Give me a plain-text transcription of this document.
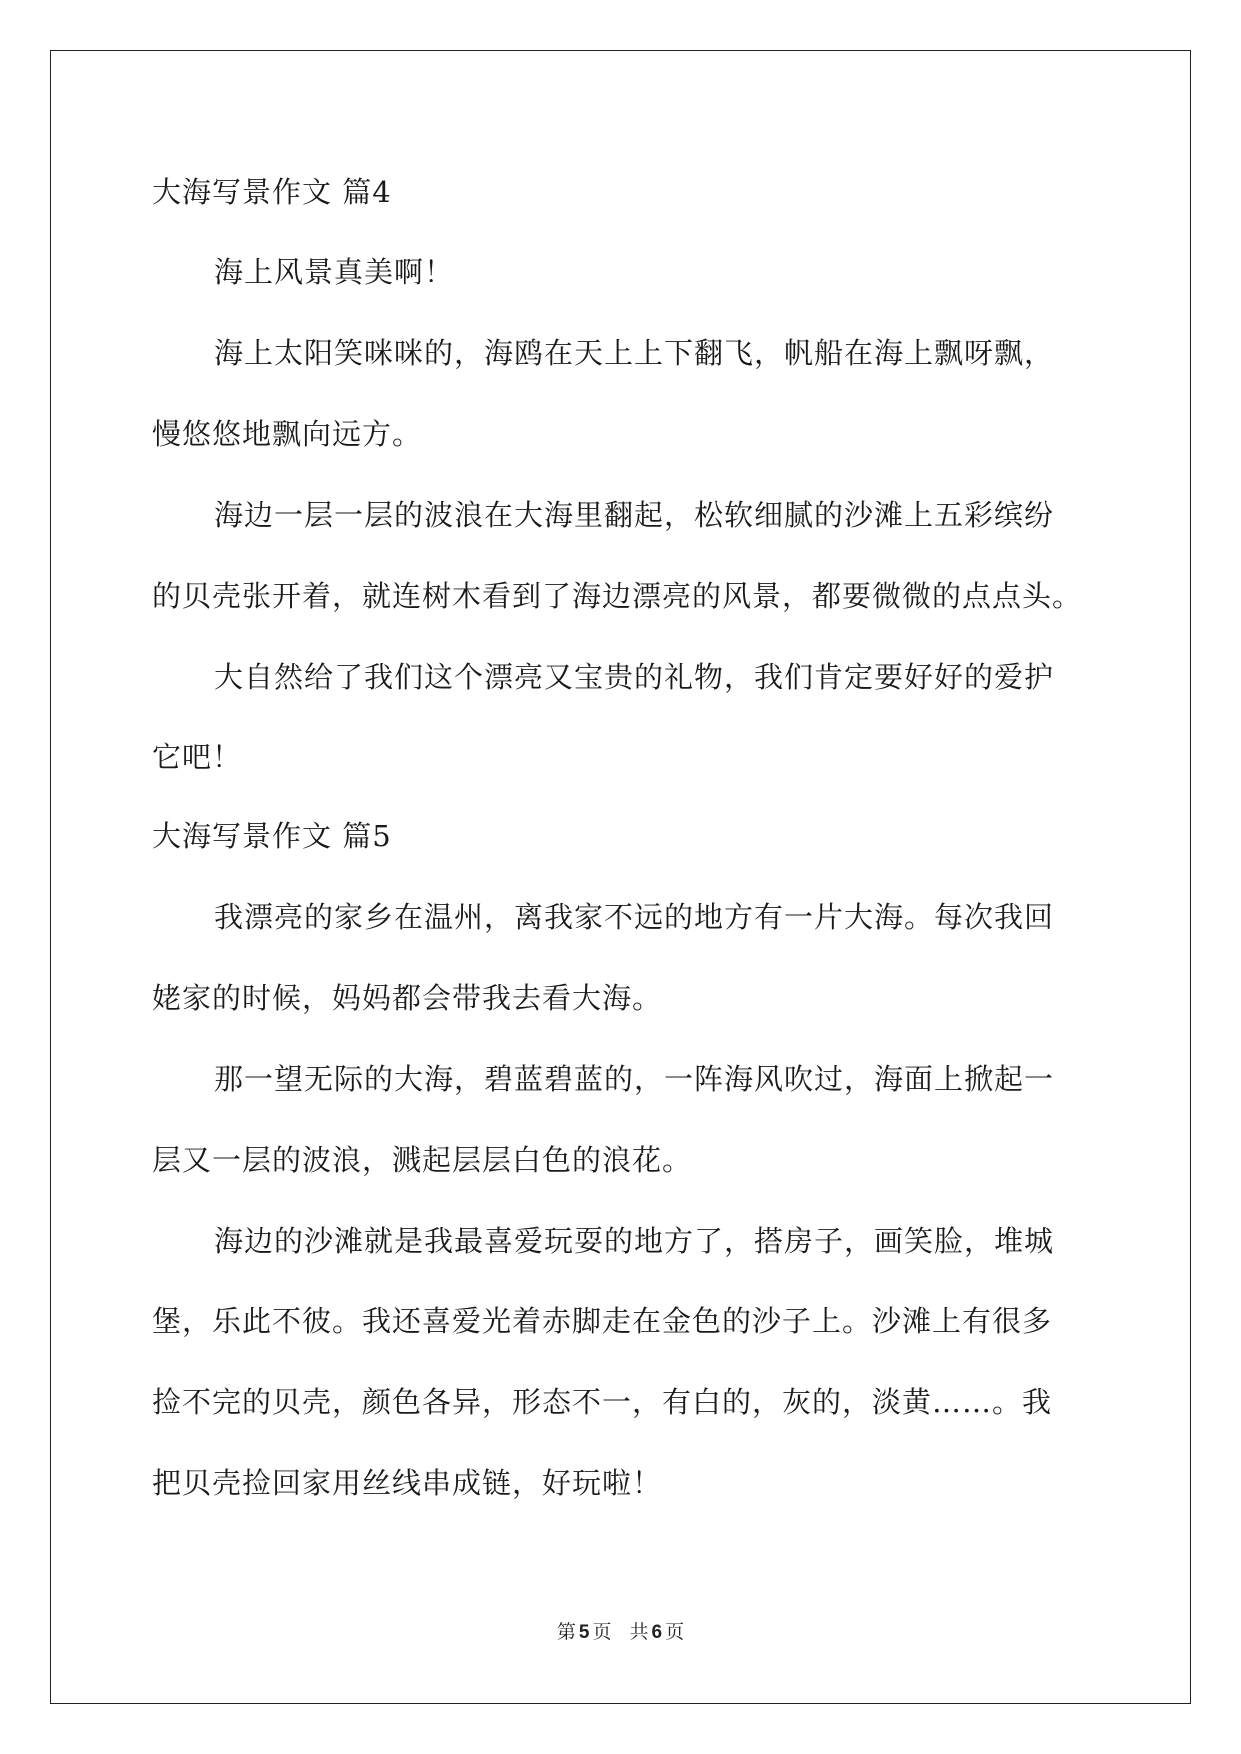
大海写景作文 篇4
海上风景真美啊！
海上太阳笑咪咪的，海鸥在天上上下翻飞，帆船在海上飘呀飘，
慢悠悠地飘向远方。
海边一层一层的波浪在大海里翻起，松软细腻的沙滩上五彩缤纷
的贝壳张开着，就连树木看到了海边漂亮的风景，都要微微的点点头。
大自然给了我们这个漂亮又宝贵的礼物，我们肯定要好好的爱护
它吧！
大海写景作文 篇5
我漂亮的家乡在温州，离我家不远的地方有一片大海。每次我回
姥家的时候，妈妈都会带我去看大海。
那一望无际的大海，碧蓝碧蓝的，一阵海风吹过，海面上掀起一
层又一层的波浪，溅起层层白色的浪花。
海边的沙滩就是我最喜爱玩耍的地方了，搭房子，画笑脸，堆城
堡，乐此不彼。我还喜爱光着赤脚走在金色的沙子上。沙滩上有很多
捡不完的贝壳，颜色各异，形态不一，有白的，灰的，淡黄……。我
把贝壳捡回家用丝线串成链，好玩啦！
第 5 页 共 6 页
